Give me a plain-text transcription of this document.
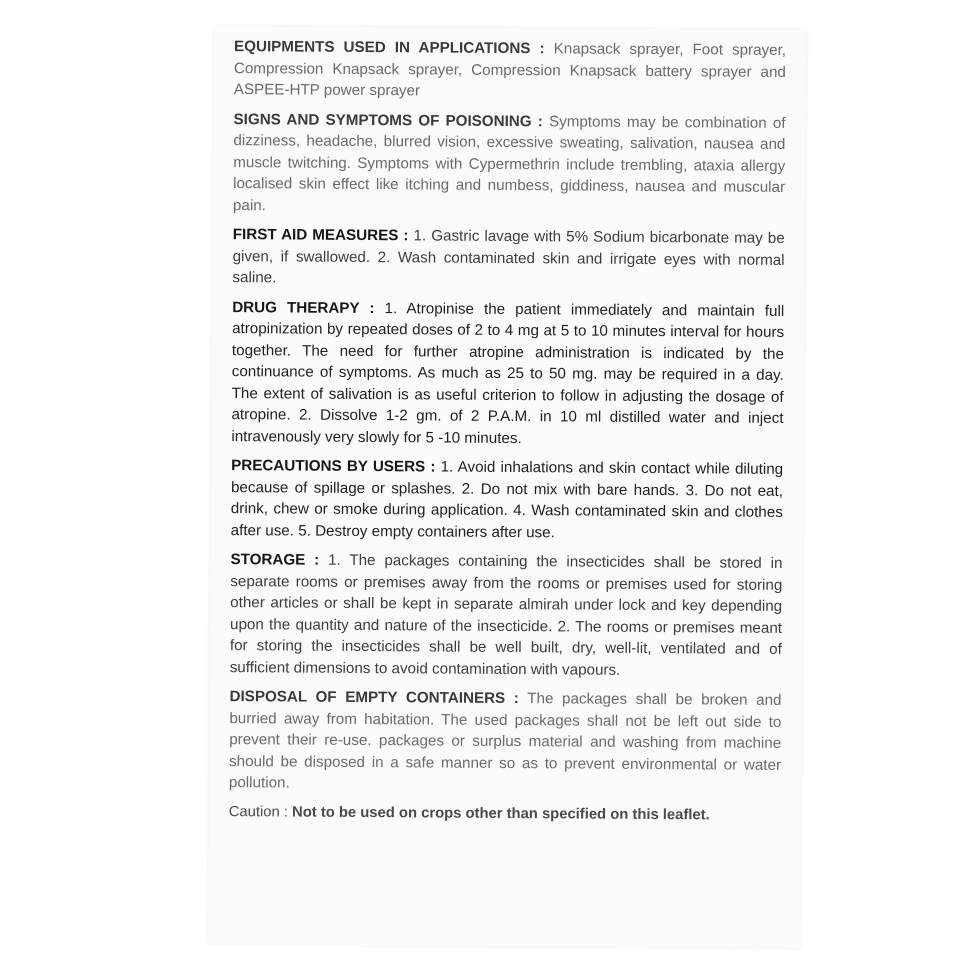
EQUIPMENTS USED IN APPLICATIONS : Knapsack sprayer, Foot sprayer, Compression Knapsack sprayer, Compression Knapsack battery sprayer and ASPEE-HTP power sprayer

SIGNS AND SYMPTOMS OF POISONING : Symptoms may be combination of dizziness, headache, blurred vision, excessive sweating, salivation, nausea and muscle twitching. Symptoms with Cypermethrin include trembling, ataxia allergy localised skin effect like itching and numbess, giddiness, nausea and muscular pain.

FIRST AID MEASURES : 1. Gastric lavage with 5% Sodium bicarbonate may be given, if swallowed. 2. Wash contaminated skin and irrigate eyes with normal saline.

DRUG THERAPY : 1. Atropinise the patient immediately and maintain full atropinization by repeated doses of 2 to 4 mg at 5 to 10 minutes interval for hours together. The need for further atropine administration is indicated by the continuance of symptoms. As much as 25 to 50 mg. may be required in a day. The extent of salivation is as useful criterion to follow in adjusting the dosage of atropine. 2. Dissolve 1-2 gm. of 2 P.A.M. in 10 ml distilled water and inject intravenously very slowly for 5 -10 minutes.

PRECAUTIONS BY USERS : 1. Avoid inhalations and skin contact while diluting because of spillage or splashes. 2. Do not mix with bare hands. 3. Do not eat, drink, chew or smoke during application. 4. Wash contaminated skin and clothes after use. 5. Destroy empty containers after use.

STORAGE : 1. The packages containing the insecticides shall be stored in separate rooms or premises away from the rooms or premises used for storing other articles or shall be kept in separate almirah under lock and key depending upon the quantity and nature of the insecticide. 2. The rooms or premises meant for storing the insecticides shall be well built, dry, well-lit, ventilated and of sufficient dimensions to avoid contamination with vapours.

DISPOSAL OF EMPTY CONTAINERS : The packages shall be broken and burried away from habitation. The used packages shall not be left out side to prevent their re-use. packages or surplus material and washing from machine should be disposed in a safe manner so as to prevent environmental or water pollution.

Caution : Not to be used on crops other than specified on this leaflet.
